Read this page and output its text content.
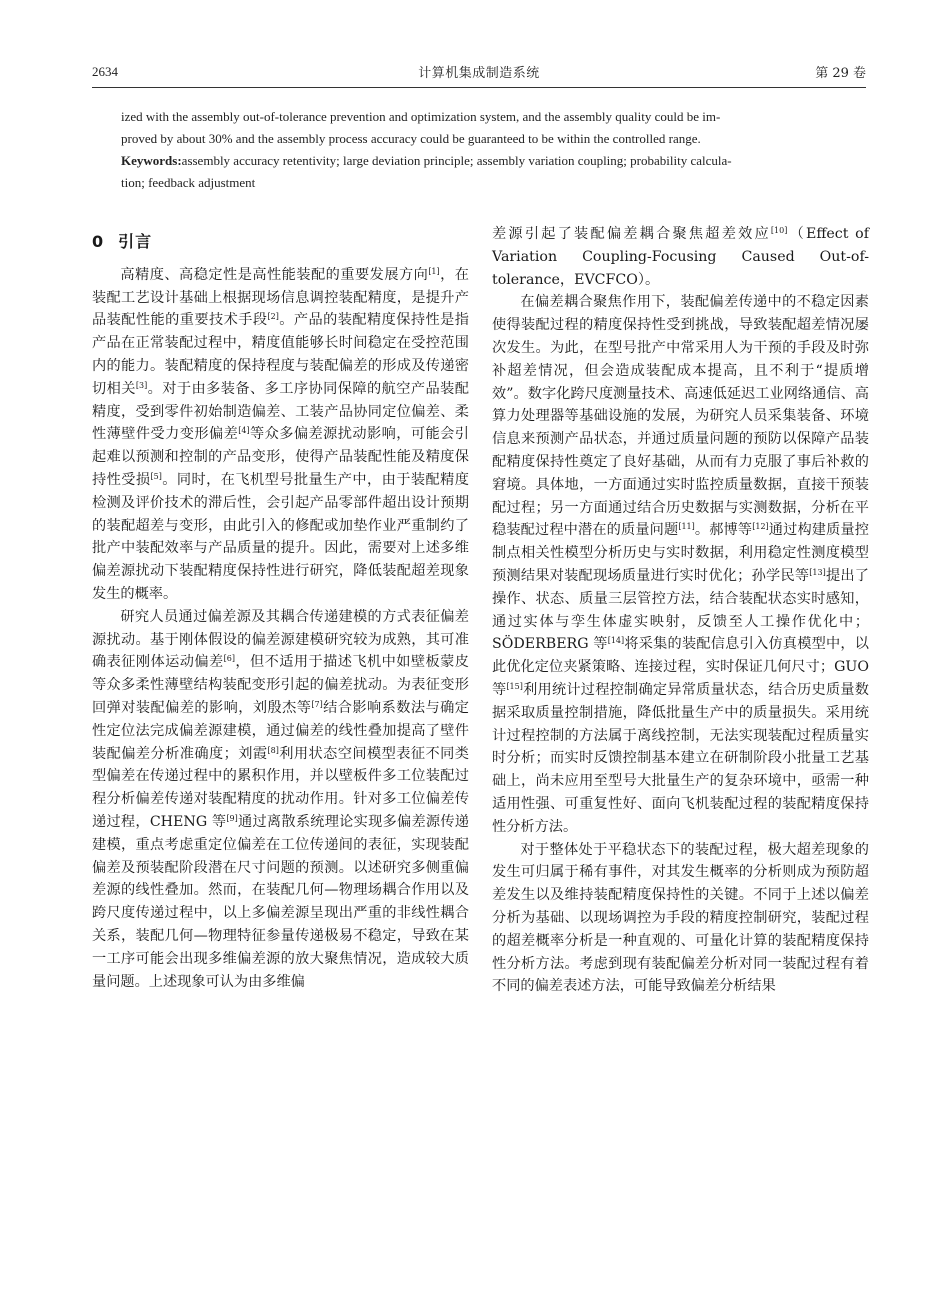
2634	计算机集成制造系统	第 29 卷

ized with the assembly out-of-tolerance prevention and optimization system, and the assembly quality could be im-

proved by about 30% and the assembly process accuracy could be guaranteed to be within the controlled range.

Keywords:assembly accuracy retentivity; large deviation principle; assembly variation coupling; probability calcula-

tion; feedback adjustment

0 引言

高精度、高稳定性是高性能装配的重要发展方向[1]，在装配工艺设计基础上根据现场信息调控装配精度，是提升产品装配性能的重要技术手段[2]。产品的装配精度保持性是指产品在正常装配过程中，精度值能够长时间稳定在受控范围内的能力。装配精度的保持程度与装配偏差的形成及传递密切相关[3]。对于由多装备、多工序协同保障的航空产品装配精度，受到零件初始制造偏差、工装产品协同定位偏差、柔性薄壁件受力变形偏差[4]等众多偏差源扰动影响，可能会引起难以预测和控制的产品变形，使得产品装配性能及精度保持性受损[5]。同时，在飞机型号批量生产中，由于装配精度检测及评价技术的滞后性，会引起产品零部件超出设计预期的装配超差与变形，由此引入的修配或加垫作业严重制约了批产中装配效率与产品质量的提升。因此，需要对上述多维偏差源扰动下装配精度保持性进行研究，降低装配超差现象发生的概率。

研究人员通过偏差源及其耦合传递建模的方式表征偏差源扰动。基于刚体假设的偏差源建模研究较为成熟，其可准确表征刚体运动偏差[6]，但不适用于描述飞机中如壁板蒙皮等众多柔性薄壁结构装配变形引起的偏差扰动。为表征变形回弹对装配偏差的影响，刘殷杰等[7]结合影响系数法与确定性定位法完成偏差源建模，通过偏差的线性叠加提高了壁件装配偏差分析准确度；刘霞[8]利用状态空间模型表征不同类型偏差在传递过程中的累积作用，并以壁板件多工位装配过程分析偏差传递对装配精度的扰动作用。针对多工位偏差传递过程，CHENG 等[9]通过离散系统理论实现多偏差源传递建模，重点考虑重定位偏差在工位传递间的表征，实现装配偏差及预装配阶段潜在尺寸问题的预测。以述研究多侧重偏差源的线性叠加。然而，在装配几何—物理场耦合作用以及跨尺度传递过程中，以上多偏差源呈现出严重的非线性耦合关系，装配几何—物理特征参量传递极易不稳定，导致在某一工序可能会出现多维偏差源的放大聚焦情况，造成较大质量问题。上述现象可认为由多维偏

差源引起了装配偏差耦合聚焦超差效应[10]（Effect of Variation Coupling-Focusing Caused Out-of-tolerance，EVCFCO）。

在偏差耦合聚焦作用下，装配偏差传递中的不稳定因素使得装配过程的精度保持性受到挑战，导致装配超差情况屡次发生。为此，在型号批产中常采用人为干预的手段及时弥补超差情况，但会造成装配成本提高，且不利于“提质增效”。数字化跨尺度测量技术、高速低延迟工业网络通信、高算力处理器等基础设施的发展，为研究人员采集装备、环境信息来预测产品状态，并通过质量问题的预防以保障产品装配精度保持性奠定了良好基础，从而有力克服了事后补救的窘境。具体地，一方面通过实时监控质量数据，直接干预装配过程；另一方面通过结合历史数据与实测数据，分析在平稳装配过程中潜在的质量问题[11]。郝博等[12]通过构建质量控制点相关性模型分析历史与实时数据，利用稳定性测度模型预测结果对装配现场质量进行实时优化；孙学民等[13]提出了操作、状态、质量三层管控方法，结合装配状态实时感知，通过实体与孪生体虚实映射，反馈至人工操作优化中；SÖDERBERG 等[14]将采集的装配信息引入仿真模型中，以此优化定位夹紧策略、连接过程，实时保证几何尺寸；GUO 等[15]利用统计过程控制确定异常质量状态，结合历史质量数据采取质量控制措施，降低批量生产中的质量损失。采用统计过程控制的方法属于离线控制，无法实现装配过程质量实时分析；而实时反馈控制基本建立在研制阶段小批量工艺基础上，尚未应用至型号大批量生产的复杂环境中，亟需一种适用性强、可重复性好、面向飞机装配过程的装配精度保持性分析方法。

对于整体处于平稳状态下的装配过程，极大超差现象的发生可归属于稀有事件，对其发生概率的分析则成为预防超差发生以及维持装配精度保持性的关键。不同于上述以偏差分析为基础、以现场调控为手段的精度控制研究，装配过程的超差概率分析是一种直观的、可量化计算的装配精度保持性分析方法。考虑到现有装配偏差分析对同一装配过程有着不同的偏差表述方法，可能导致偏差分析结果
